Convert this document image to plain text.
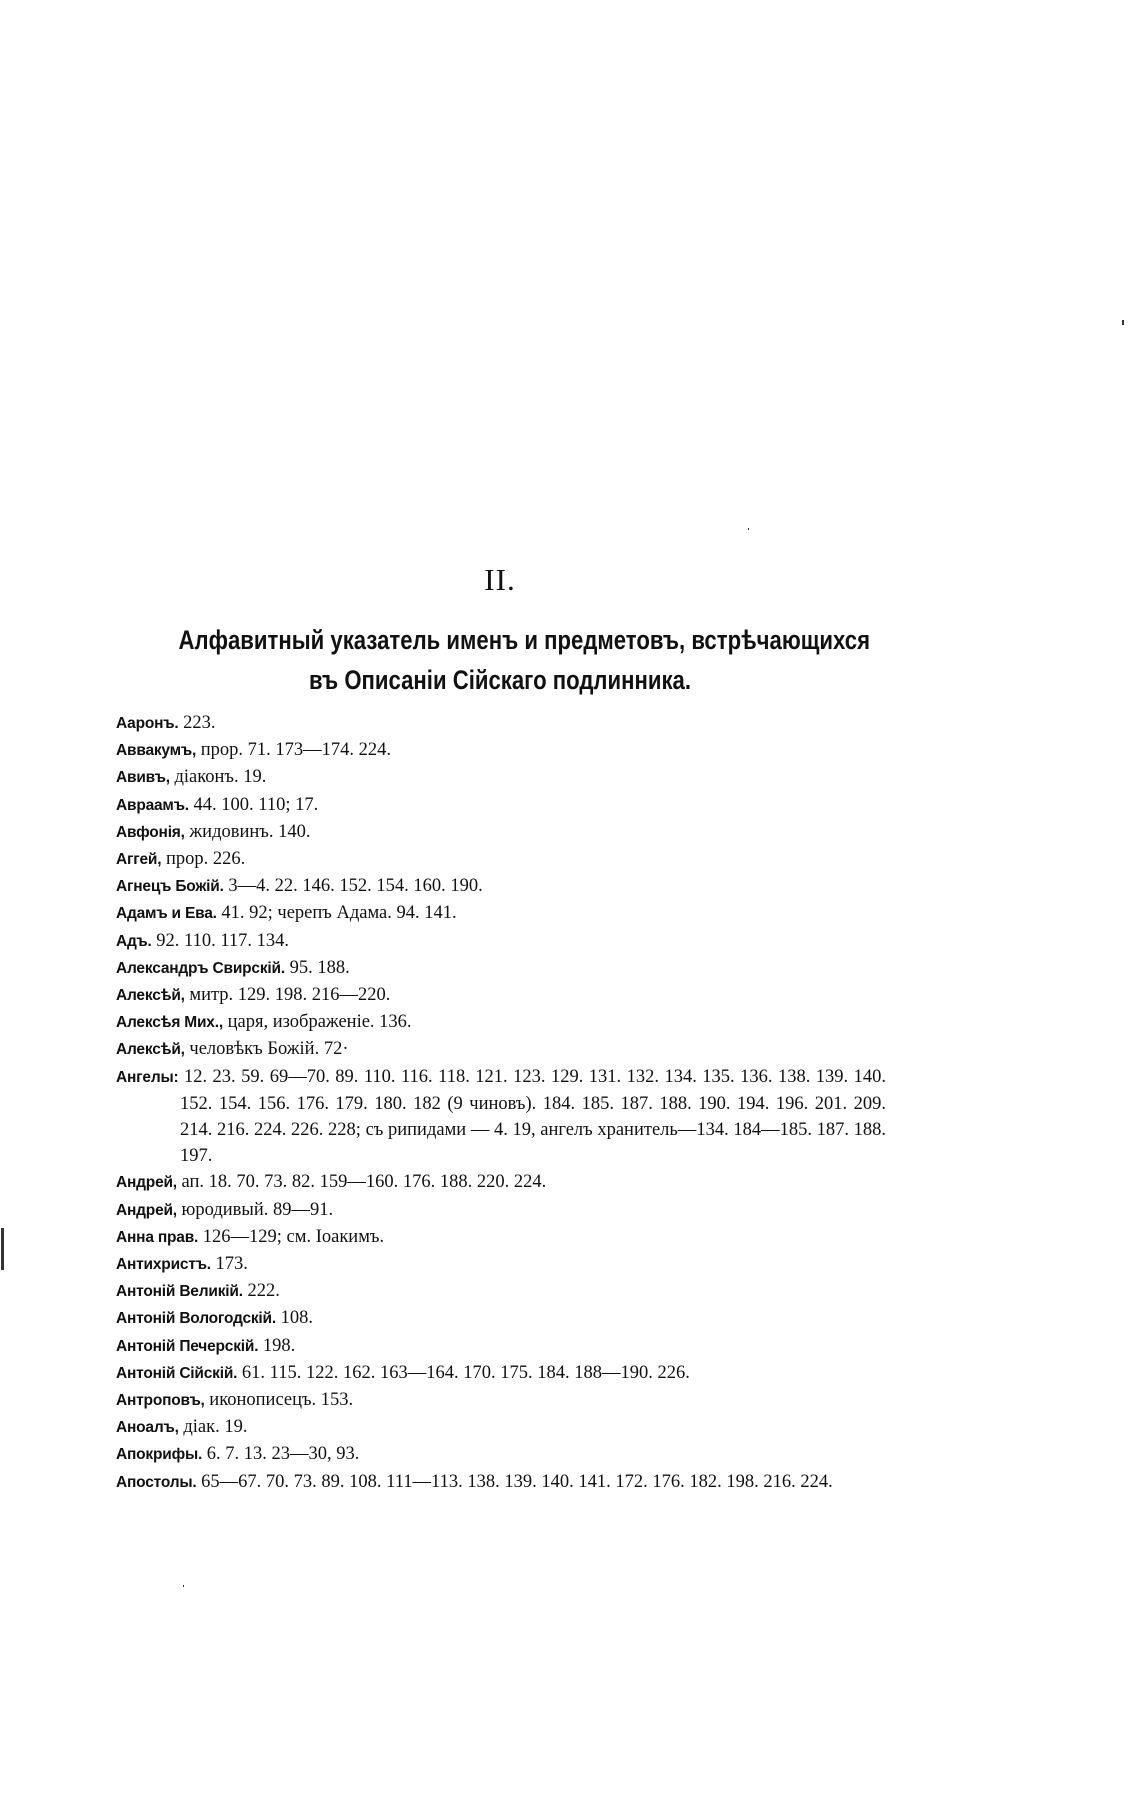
II.
Алфавитный указатель именъ и предметовъ, встрѣчающихся
въ Описаніи Сійскаго подлинника.

Ааронъ. 223.

Аввакумъ, прор. 71. 173—174. 224.

Авивъ, діаконъ. 19.

Авраамъ. 44. 100. 110; 17.

Авфонія, жидовинъ. 140.

Аггей, прор. 226.

Агнецъ Божій. 3—4. 22. 146. 152. 154. 160. 190.

Адамъ и Ева. 41. 92; черепъ Адама. 94. 141.

Адъ. 92. 110. 117. 134.

Александръ Свирскій. 95. 188.

Алексѣй, митр. 129. 198. 216—220.

Алексѣя Мих., царя, изображеніе. 136.

Алексѣй, человѣкъ Божій. 72·

Ангелы: 12. 23. 59. 69—70. 89. 110. 116. 118. 121. 123. 129. 131. 132. 134. 135. 136. 138. 139. 140. 152. 154. 156. 176. 179. 180. 182 (9 чиновъ). 184. 185. 187. 188. 190. 194. 196. 201. 209. 214. 216. 224. 226. 228; съ рипидами — 4. 19, ангелъ хранитель—134. 184—185. 187. 188. 197.

Андрей, ап. 18. 70. 73. 82. 159—160. 176. 188. 220. 224.

Андрей, юродивый. 89—91.

Анна прав. 126—129; см. Іоакимъ.

Антихристъ. 173.

Антоній Великій. 222.

Антоній Вологодскій. 108.

Антоній Печерскій. 198.

Антоній Сійскій. 61. 115. 122. 162. 163—164. 170. 175. 184. 188—190. 226.

Антроповъ, иконописецъ. 153.

Аноалъ, діак. 19.

Апокрифы. 6. 7. 13. 23—30, 93.

Апостолы. 65—67. 70. 73. 89. 108. 111—113. 138. 139. 140. 141. 172. 176. 182. 198. 216. 224.
